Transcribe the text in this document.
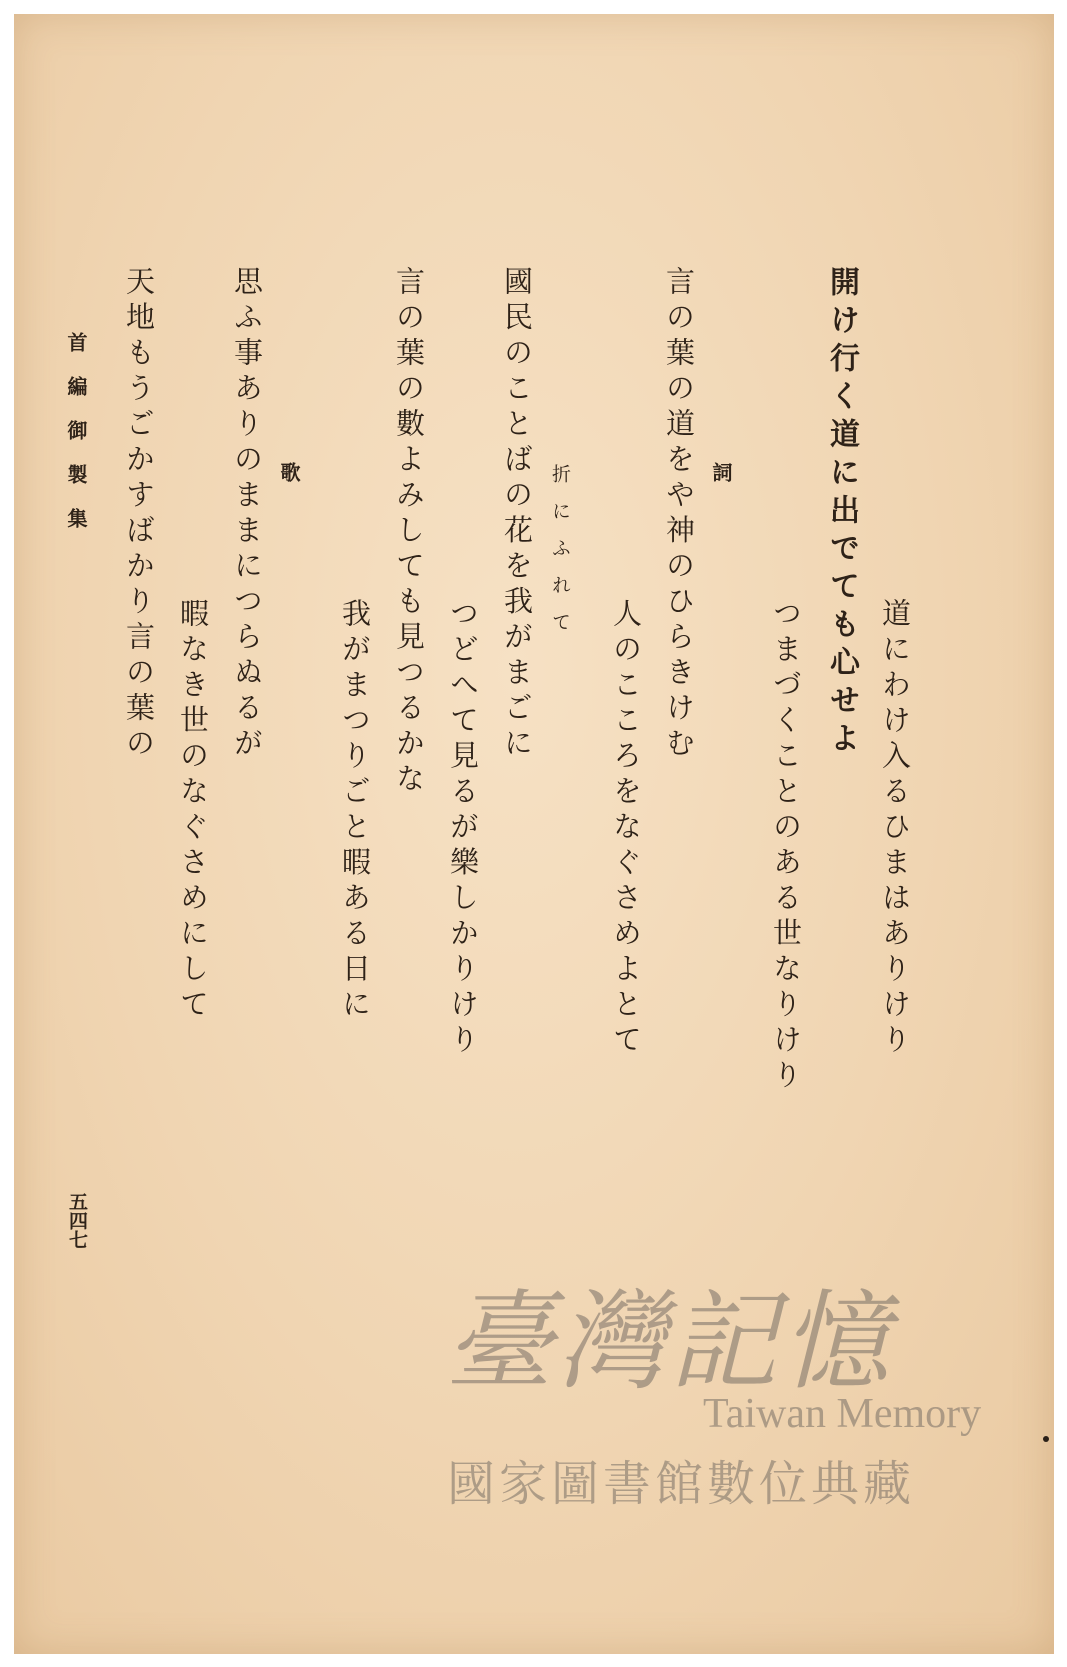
道にわけ入るひまはありけり
開け行く道に出でても心せよ
つまづくことのある世なりけり
詞
言の葉の道をや神のひらきけむ
人のこころをなぐさめよとて
折にふれて
國民のことばの花を我がまごに
つどへて見るが樂しかりけり
言の葉の數よみしても見つるかな
我がまつりごと暇ある日に
歌
思ふ事ありのままにつらぬるが
暇なき世のなぐさめにして
天地もうごかすばかり言の葉の
首編御製集
五四七
臺灣記憶
Taiwan Memory
國家圖書館數位典藏
